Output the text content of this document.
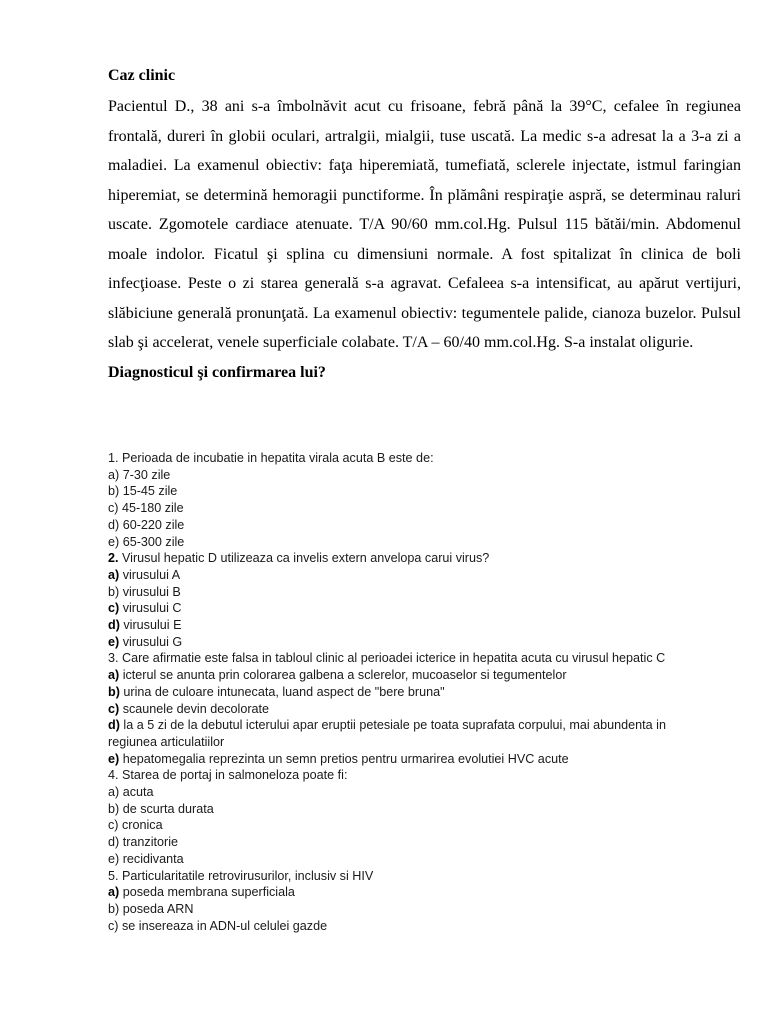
Caz clinic

Pacientul D., 38 ani s-a îmbolnăvit acut cu frisoane, febră până la 39°C, cefalee în regiunea frontală, dureri în globii oculari, artralgii, mialgii, tuse uscată. La medic s-a adresat la a 3-a zi a maladiei. La examenul obiectiv: faţa hiperemiată, tumefiată, sclerele injectate, istmul faringian hiperemiat, se determină hemoragii punctiforme. În plămâni respiraţie aspră, se determinau raluri uscate. Zgomotele cardiace atenuate. T/A 90/60 mm.col.Hg. Pulsul 115 bătăi/min. Abdomenul moale indolor. Ficatul şi splina cu dimensiuni normale. A fost spitalizat în clinica de boli infecţioase. Peste o zi starea generală s-a agravat. Cefaleea s-a intensificat, au apărut vertijuri, slăbiciune generală pronunţată. La examenul obiectiv: tegumentele palide, cianoza buzelor. Pulsul slab şi accelerat, venele superficiale colabate. T/A – 60/40 mm.col.Hg. S-a instalat oligurie.

Diagnosticul şi confirmarea lui?

1. Perioada de incubatie in hepatita virala acuta B este de:

a) 7-30 zile

b) 15-45 zile

c) 45-180 zile

d) 60-220 zile

e) 65-300 zile

2. Virusul hepatic D utilizeaza ca invelis extern anvelopa carui virus?

a) virusului A

b) virusului B

c) virusului C

d) virusului E

e) virusului G

3. Care afirmatie este falsa in tabloul clinic al perioadei icterice in hepatita acuta cu virusul hepatic C

a) icterul se anunta prin colorarea galbena a sclerelor, mucoaselor si tegumentelor

b) urina de culoare intunecata, luand aspect de "bere bruna"

c) scaunele devin decolorate

d) la a 5 zi de la debutul icterului apar eruptii petesiale pe toata suprafata corpului, mai abundenta in regiunea articulatiilor

e) hepatomegalia reprezinta un semn pretios pentru urmarirea evolutiei HVC acute

4. Starea de portaj in salmoneloza poate fi:

a) acuta

b) de scurta durata

c) cronica

d) tranzitorie

e) recidivanta

5. Particularitatile retrovirusurilor, inclusiv si HIV

a) poseda membrana superficiala

b) poseda ARN

c) se insereaza in ADN-ul celulei gazde
